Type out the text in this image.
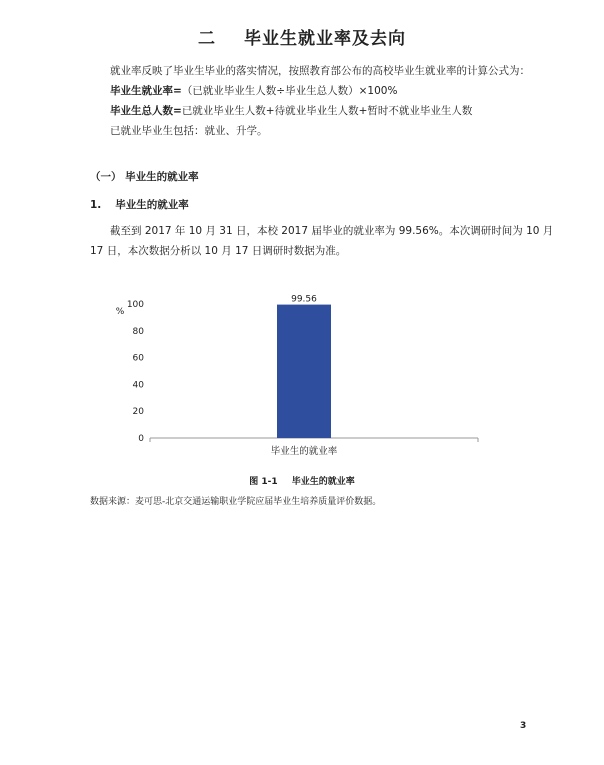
二 毕业生就业率及去向
就业率反映了毕业生毕业的落实情况，按照教育部公布的高校毕业生就业率的计算公式为：
毕业生就业率=（已就业毕业生人数÷毕业生总人数）×100%
毕业生总人数=已就业毕业生人数+待就业毕业生人数+暂时不就业毕业生人数
已就业毕业生包括：就业、升学。
（一） 毕业生的就业率
1. 毕业生的就业率
截至到 2017 年 10 月 31 日，本校 2017 届毕业的就业率为 99.56%。本次调研时间为 10 月
17 日，本次数据分析以 10 月 17 日调研时数据为准。
%
0
20
40
60
80
100
99.56
毕业生的就业率
图 1-1 毕业生的就业率
数据来源：麦可思-北京交通运输职业学院应届毕业生培养质量评价数据。
3
